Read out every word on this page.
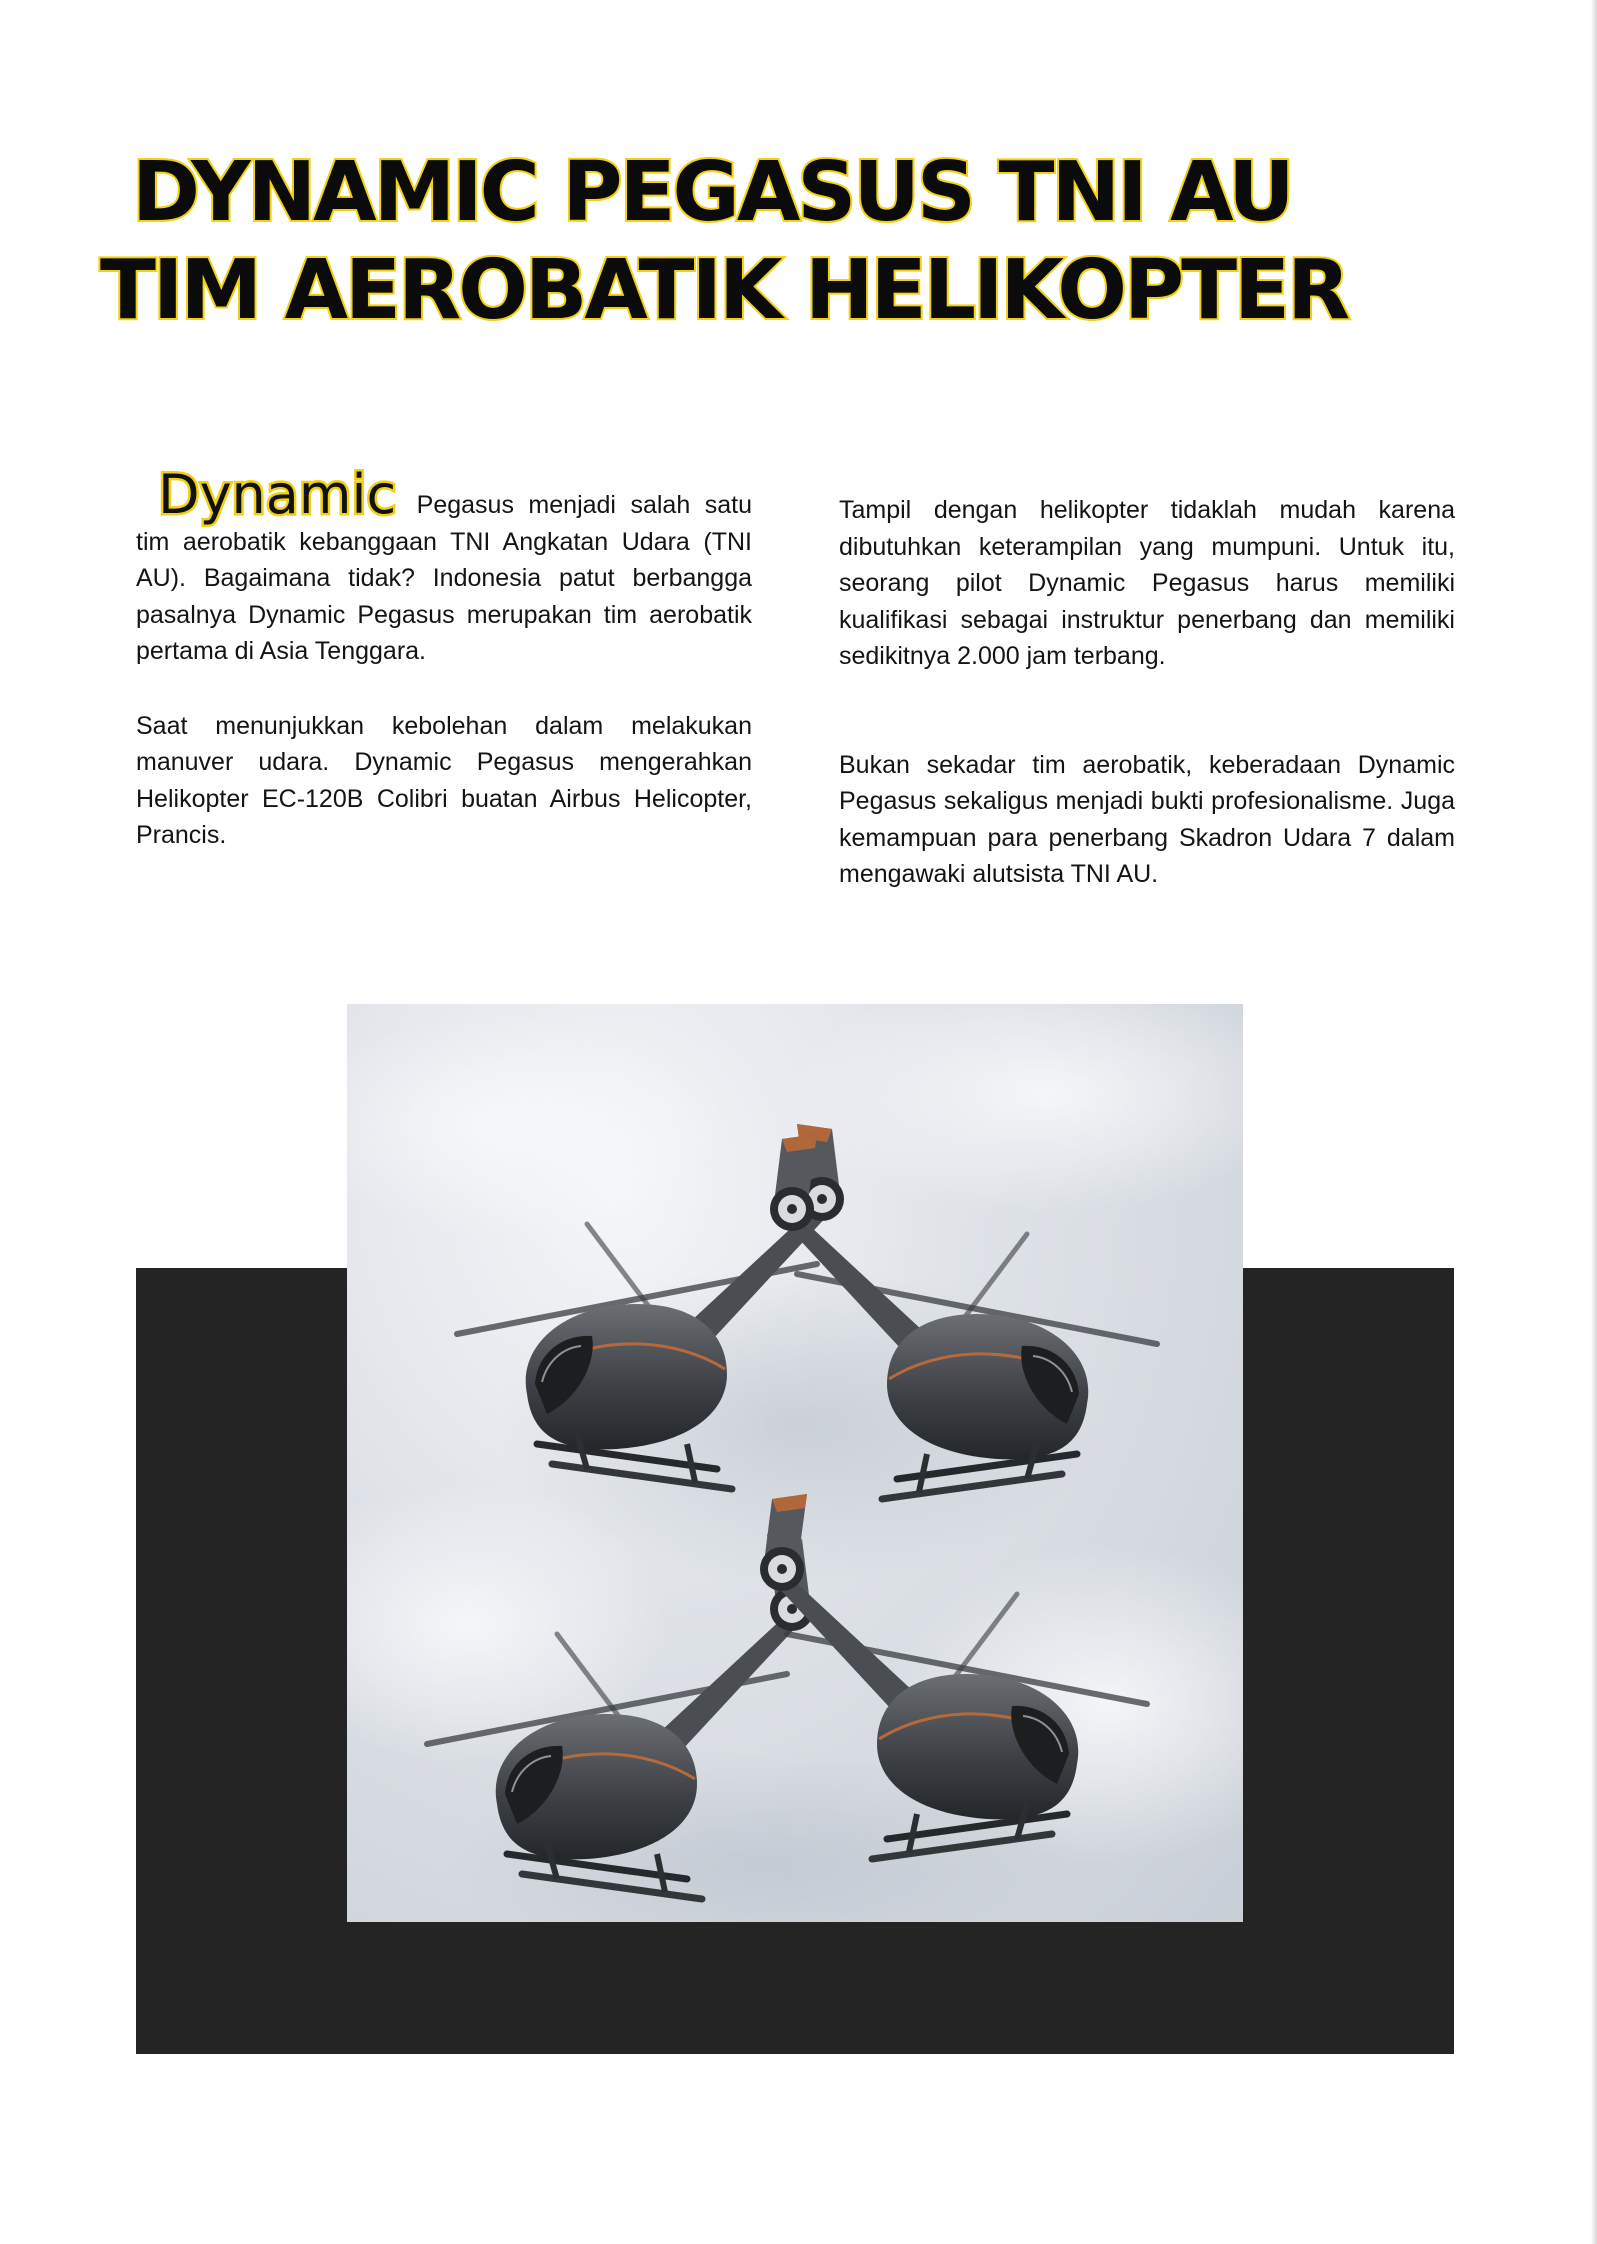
DYNAMIC PEGASUS TNI AU
TIM AEROBATIK HELIKOPTER

Dynamic Pegasus menjadi salah satu tim aerobatik kebanggaan TNI Angkatan Udara (TNI AU). Bagaimana tidak? Indonesia patut berbangga pasalnya Dynamic Pegasus merupakan tim aerobatik pertama di Asia Tenggara.

Saat menunjukkan kebolehan dalam melakukan manuver udara. Dynamic Pegasus mengerahkan Helikopter EC-120B Colibri buatan Airbus Helicopter, Prancis.

Tampil dengan helikopter tidaklah mudah karena dibutuhkan keterampilan yang mumpuni. Untuk itu, seorang pilot Dynamic Pegasus harus memiliki kualifikasi sebagai instruktur penerbang dan memiliki sedikitnya 2.000 jam terbang.

Bukan sekadar tim aerobatik, keberadaan Dynamic Pegasus sekaligus menjadi bukti profesionalisme. Juga kemampuan para penerbang Skadron Udara 7 dalam mengawaki alutsista TNI AU.
